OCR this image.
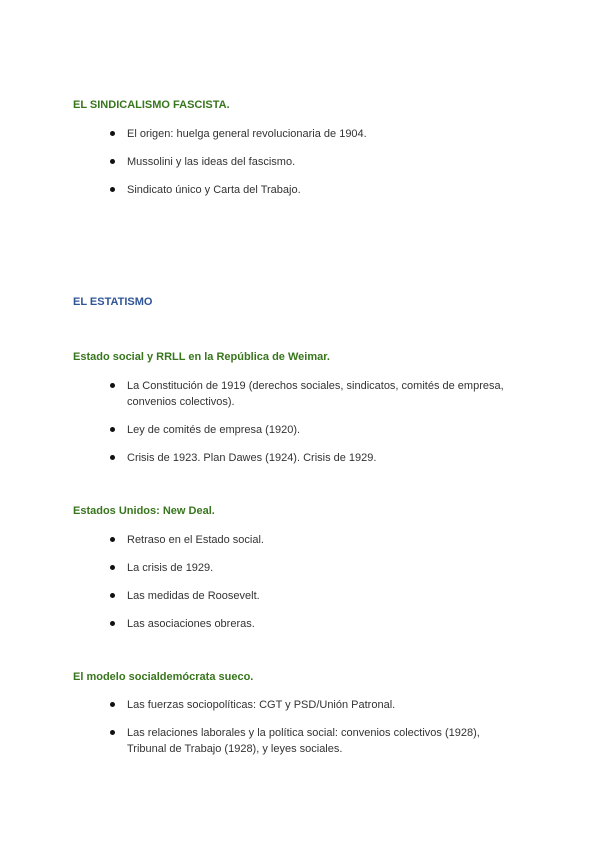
EL SINDICALISMO FASCISTA.
El origen: huelga general revolucionaria de 1904.
Mussolini y las ideas del fascismo.
Sindicato único y Carta del Trabajo.
EL ESTATISMO
Estado social y RRLL en la República de Weimar.
La Constitución de 1919 (derechos sociales, sindicatos, comités de empresa, convenios colectivos).
Ley de comités de empresa (1920).
Crisis de 1923. Plan Dawes (1924). Crisis de 1929.
Estados Unidos: New Deal.
Retraso en el Estado social.
La crisis de 1929.
Las medidas de Roosevelt.
Las asociaciones obreras.
El modelo socialdemócrata sueco.
Las fuerzas sociopolíticas: CGT y PSD/Unión Patronal.
Las relaciones laborales y la política social: convenios colectivos (1928), Tribunal de Trabajo (1928), y leyes sociales.
